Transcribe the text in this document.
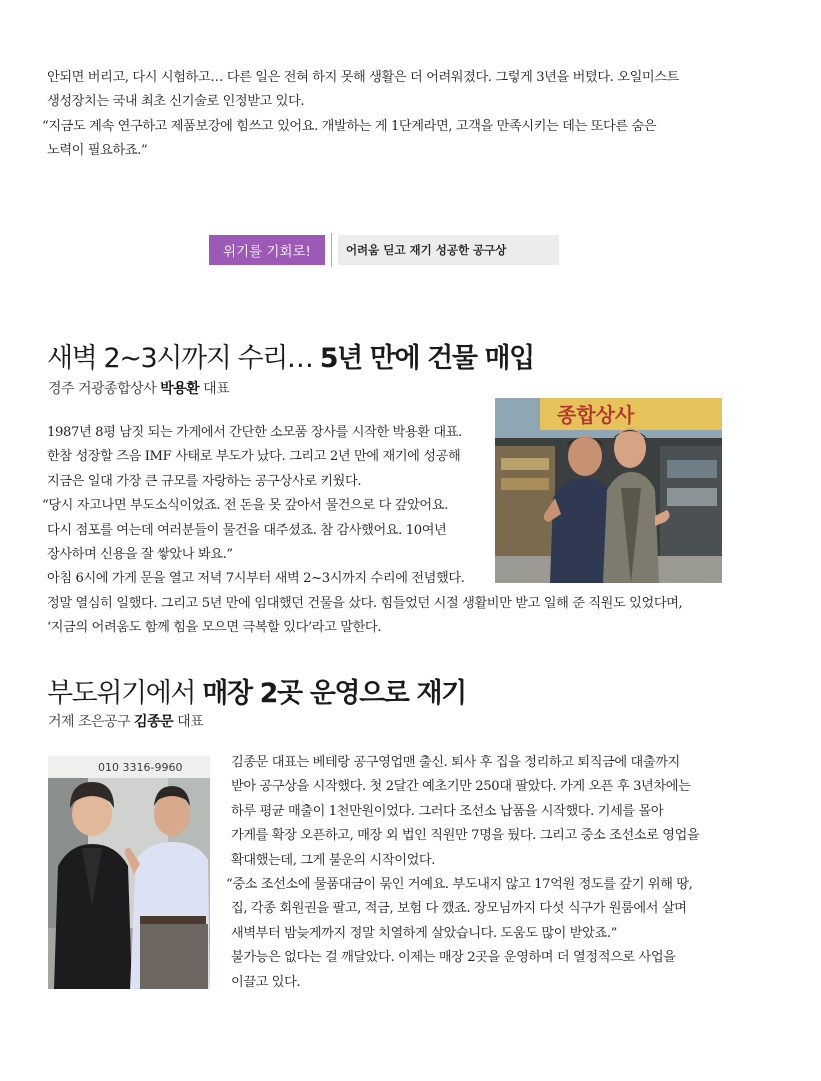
안되면 버리고, 다시 시험하고… 다른 일은 전혀 하지 못해 생활은 더 어려워졌다. 그렇게 3년을 버텼다. 오일미스트
생성장치는 국내 최초 신기술로 인정받고 있다.
“지금도 계속 연구하고 제품보강에 힘쓰고 있어요. 개발하는 게 1단계라면, 고객을 만족시키는 데는 또다른 숨은
노력이 필요하죠.”
위기를 기회로!	어려움 딛고 재기 성공한 공구상
새벽 2~3시까지 수리… 5년 만에 건물 매입
경주 거광종합상사 박용환 대표
종합상사
1987년 8평 남짓 되는 가게에서 간단한 소모품 장사를 시작한 박용환 대표.
한참 성장할 즈음 IMF 사태로 부도가 났다. 그리고 2년 만에 재기에 성공해
지금은 일대 가장 큰 규모를 자랑하는 공구상사로 키웠다.
“당시 자고나면 부도소식이었죠. 전 돈을 못 갚아서 물건으로 다 갚았어요.
다시 점포를 여는데 여러분들이 물건을 대주셨죠. 참 감사했어요. 10여년
장사하며 신용을 잘 쌓았나 봐요.”
아침 6시에 가게 문을 열고 저녁 7시부터 새벽 2~3시까지 수리에 전념했다.
정말 열심히 일했다. 그리고 5년 만에 임대했던 건물을 샀다. 힘들었던 시절 생활비만 받고 일해 준 직원도 있었다며,
‘지금의 어려움도 함께 힘을 모으면 극복할 있다’라고 말한다.
부도위기에서 매장 2곳 운영으로 재기
거제 조은공구 김종문 대표
010 3316-9960	김종문 대표는 베테랑 공구영업맨 출신. 퇴사 후 집을 정리하고 퇴직금에 대출까지
받아 공구상을 시작했다. 첫 2달간 예초기만 250대 팔았다. 가게 오픈 후 3년차에는
하루 평균 매출이 1천만원이었다. 그러다 조선소 납품을 시작했다. 기세를 몰아
가게를 확장 오픈하고, 매장 외 법인 직원만 7명을 뒀다. 그리고 중소 조선소로 영업을
확대했는데, 그게 불운의 시작이었다.
“중소 조선소에 물품대금이 묶인 거예요. 부도내지 않고 17억원 정도를 갚기 위해 땅,
집, 각종 회원권을 팔고, 적금, 보험 다 깼죠. 장모님까지 다섯 식구가 원룸에서 살며
새벽부터 밤늦게까지 정말 치열하게 살았습니다. 도움도 많이 받았죠.”
불가능은 없다는 걸 깨달았다. 이제는 매장 2곳을 운영하며 더 열정적으로 사업을
이끌고 있다.
